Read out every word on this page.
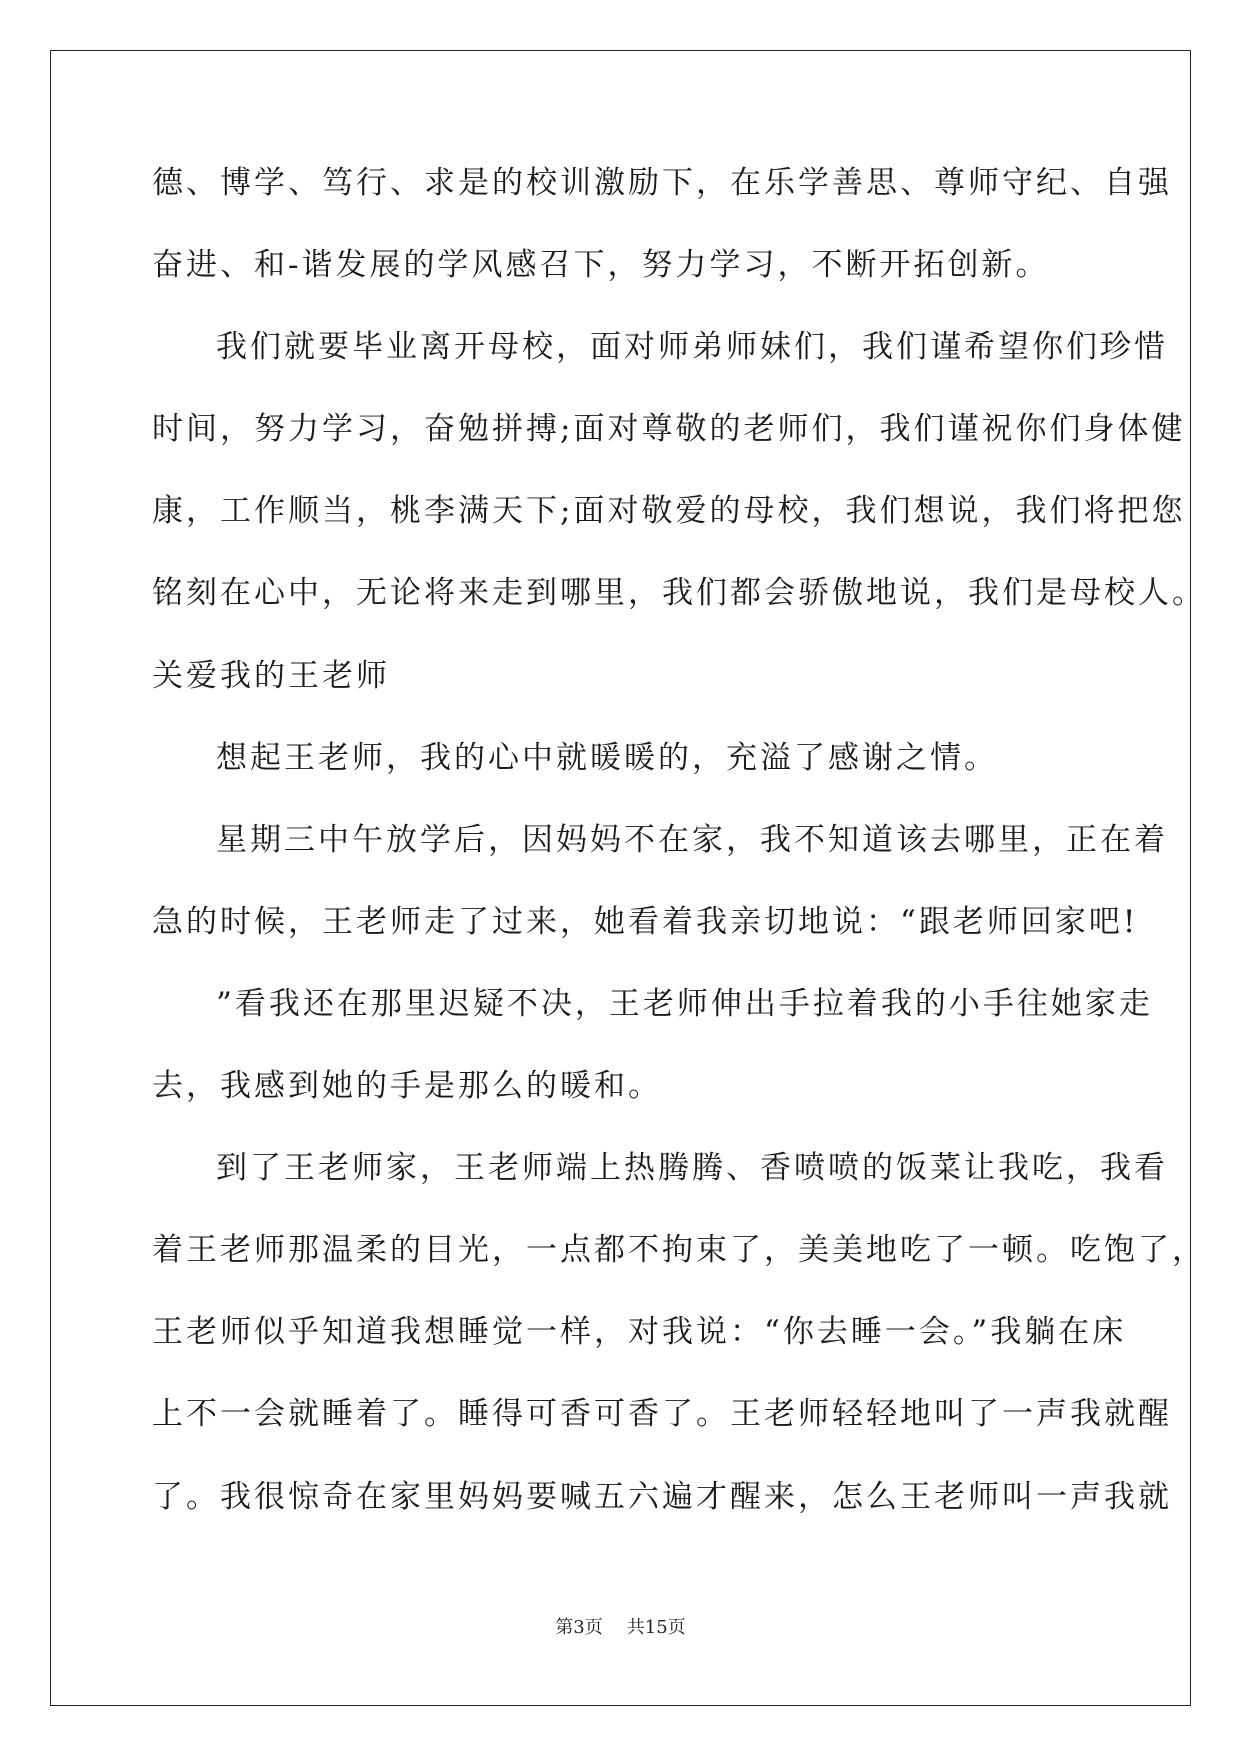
德、博学、笃行、求是的校训激励下，在乐学善思、尊师守纪、自强
奋进、和-谐发展的学风感召下，努力学习，不断开拓创新。
我们就要毕业离开母校，面对师弟师妹们，我们谨希望你们珍惜
时间，努力学习，奋勉拼搏;面对尊敬的老师们，我们谨祝你们身体健
康，工作顺当，桃李满天下;面对敬爱的母校，我们想说，我们将把您
铭刻在心中，无论将来走到哪里，我们都会骄傲地说，我们是母校人。
关爱我的王老师
想起王老师，我的心中就暖暖的，充溢了感谢之情。
星期三中午放学后，因妈妈不在家，我不知道该去哪里，正在着
急的时候，王老师走了过来，她看着我亲切地说：“跟老师回家吧!
”看我还在那里迟疑不决，王老师伸出手拉着我的小手往她家走
去，我感到她的手是那么的暖和。
到了王老师家，王老师端上热腾腾、香喷喷的饭菜让我吃，我看
着王老师那温柔的目光，一点都不拘束了，美美地吃了一顿。吃饱了，
王老师似乎知道我想睡觉一样，对我说：“你去睡一会。”我躺在床
上不一会就睡着了。睡得可香可香了。王老师轻轻地叫了一声我就醒
了。我很惊奇在家里妈妈要喊五六遍才醒来，怎么王老师叫一声我就
第3页 共15页
